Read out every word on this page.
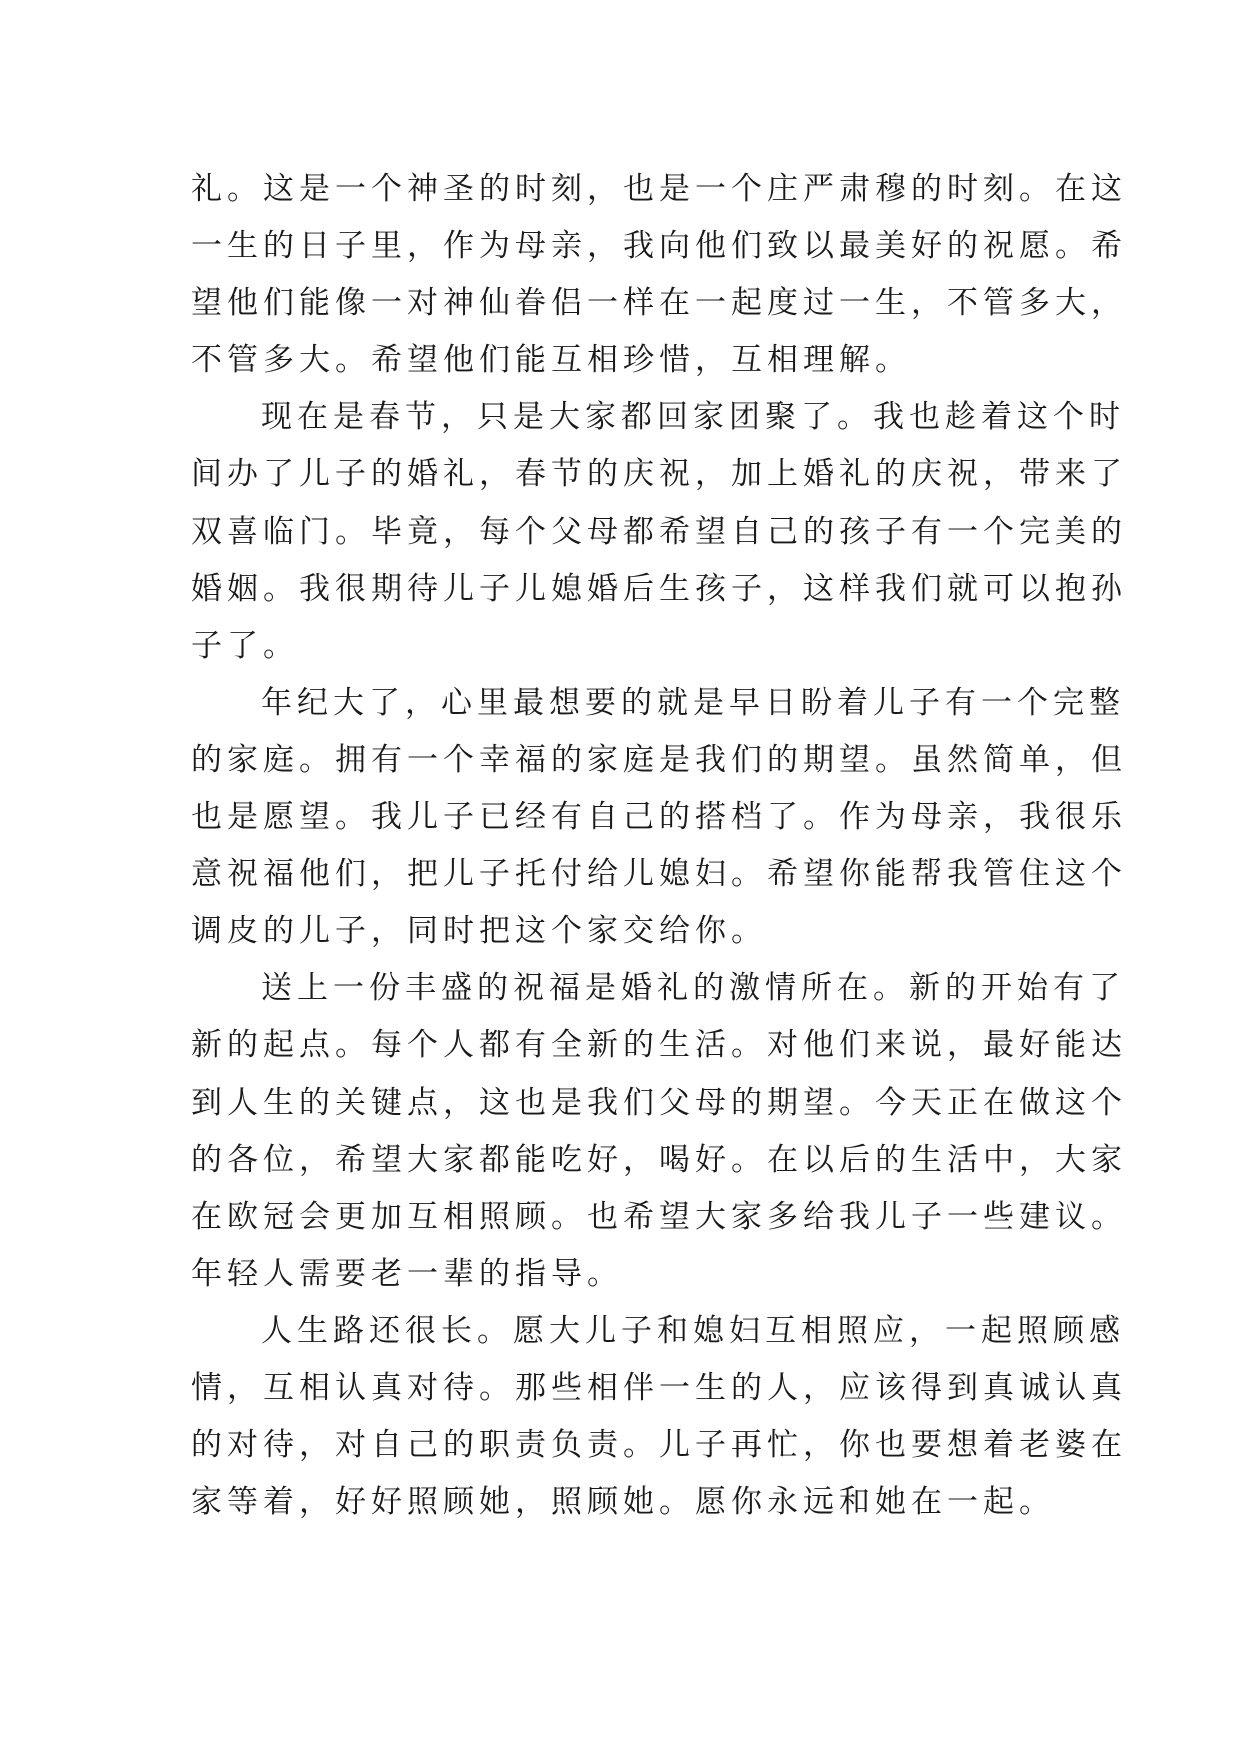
礼。这是一个神圣的时刻，也是一个庄严肃穆的时刻。在这
一生的日子里，作为母亲，我向他们致以最美好的祝愿。希
望他们能像一对神仙眷侣一样在一起度过一生，不管多大，
不管多大。希望他们能互相珍惜，互相理解。
现在是春节，只是大家都回家团聚了。我也趁着这个时
间办了儿子的婚礼，春节的庆祝，加上婚礼的庆祝，带来了
双喜临门。毕竟，每个父母都希望自己的孩子有一个完美的
婚姻。我很期待儿子儿媳婚后生孩子，这样我们就可以抱孙
子了。
年纪大了，心里最想要的就是早日盼着儿子有一个完整
的家庭。拥有一个幸福的家庭是我们的期望。虽然简单，但
也是愿望。我儿子已经有自己的搭档了。作为母亲，我很乐
意祝福他们，把儿子托付给儿媳妇。希望你能帮我管住这个
调皮的儿子，同时把这个家交给你。
送上一份丰盛的祝福是婚礼的激情所在。新的开始有了
新的起点。每个人都有全新的生活。对他们来说，最好能达
到人生的关键点，这也是我们父母的期望。今天正在做这个
的各位，希望大家都能吃好，喝好。在以后的生活中，大家
在欧冠会更加互相照顾。也希望大家多给我儿子一些建议。
年轻人需要老一辈的指导。
人生路还很长。愿大儿子和媳妇互相照应，一起照顾感
情，互相认真对待。那些相伴一生的人，应该得到真诚认真
的对待，对自己的职责负责。儿子再忙，你也要想着老婆在
家等着，好好照顾她，照顾她。愿你永远和她在一起。
